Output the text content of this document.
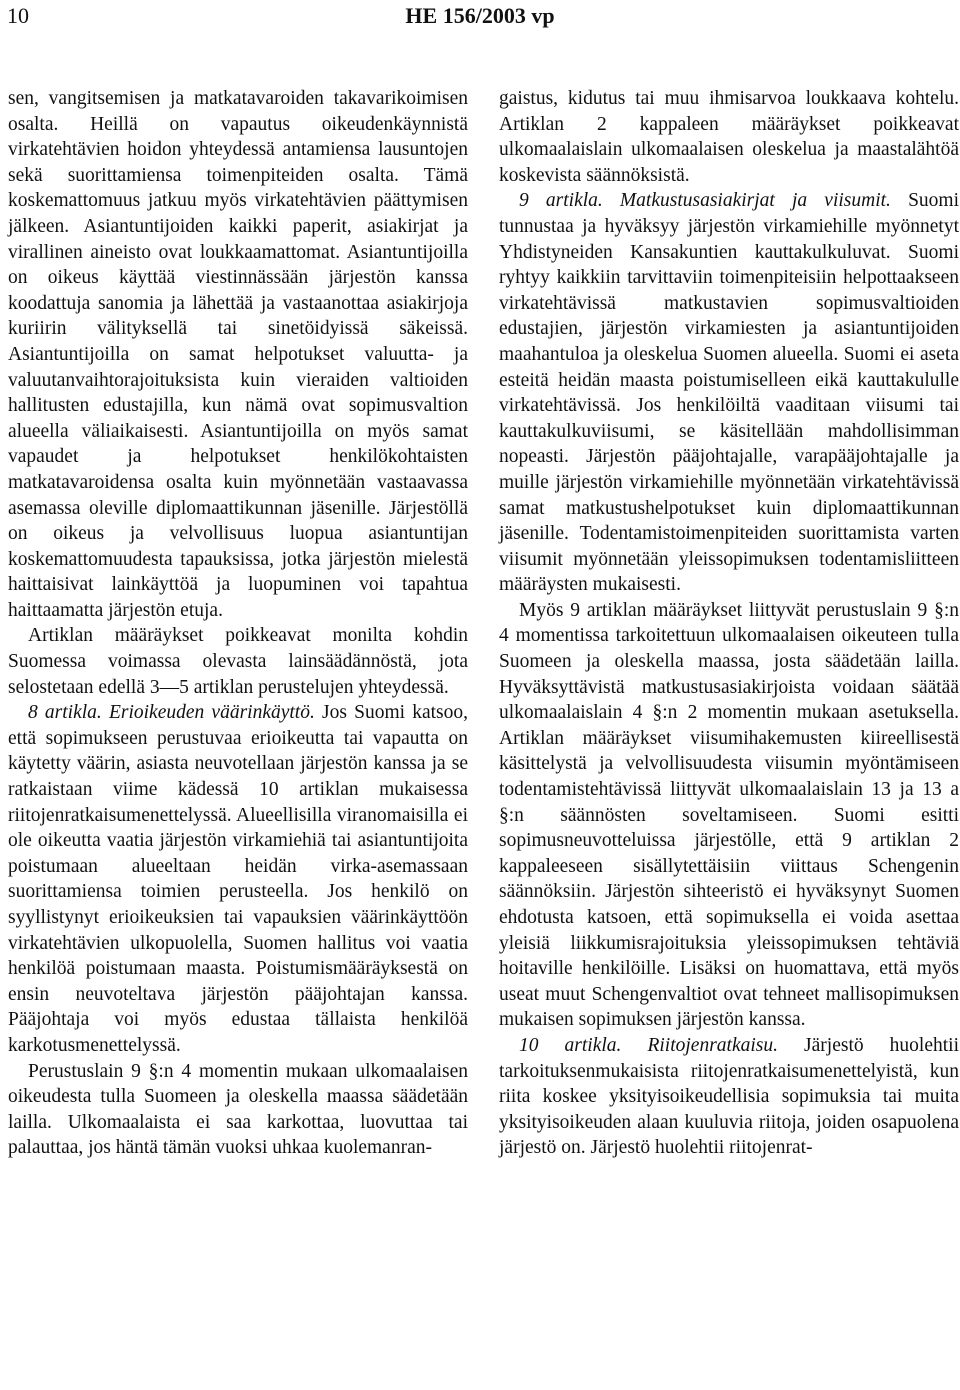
10	HE 156/2003 vp

sen, vangitsemisen ja matkatavaroiden takavarikoimisen osalta. Heillä on vapautus oikeudenkäynnistä virkatehtävien hoidon yhteydessä antamiensa lausuntojen sekä suorittamiensa toimenpiteiden osalta. Tämä koskemattomuus jatkuu myös virkatehtävien päättymisen jälkeen. Asiantuntijoiden kaikki paperit, asiakirjat ja virallinen aineisto ovat loukkaamattomat. Asiantuntijoilla on oikeus käyttää viestinnässään järjestön kanssa koodattuja sanomia ja lähettää ja vastaanottaa asiakirjoja kuriirin välityksellä tai sinetöidyissä säkeissä. Asiantuntijoilla on samat helpotukset valuutta- ja valuutanvaihtorajoituksista kuin vieraiden valtioiden hallitusten edustajilla, kun nämä ovat sopimusvaltion alueella väliaikaisesti. Asiantuntijoilla on myös samat vapaudet ja helpotukset henkilökohtaisten matkatavaroidensa osalta kuin myönnetään vastaavassa asemassa oleville diplomaattikunnan jäsenille. Järjestöllä on oikeus ja velvollisuus luopua asiantuntijan koskemattomuudesta tapauksissa, jotka järjestön mielestä haittaisivat lainkäyttöä ja luopuminen voi tapahtua haittaamatta järjestön etuja.

Artiklan määräykset poikkeavat monilta kohdin Suomessa voimassa olevasta lainsäädännöstä, jota selostetaan edellä 3—5 artiklan perustelujen yhteydessä.

8 artikla. Erioikeuden väärinkäyttö. Jos Suomi katsoo, että sopimukseen perustuvaa erioikeutta tai vapautta on käytetty väärin, asiasta neuvotellaan järjestön kanssa ja se ratkaistaan viime kädessä 10 artiklan mukaisessa riitojenratkaisumenettelyssä. Alueellisilla viranomaisilla ei ole oikeutta vaatia järjestön virkamiehiä tai asiantuntijoita poistumaan alueeltaan heidän virka-asemassaan suorittamiensa toimien perusteella. Jos henkilö on syyllistynyt erioikeuksien tai vapauksien väärinkäyttöön virkatehtävien ulkopuolella, Suomen hallitus voi vaatia henkilöä poistumaan maasta. Poistumismääräyksestä on ensin neuvoteltava järjestön pääjohtajan kanssa. Pääjohtaja voi myös edustaa tällaista henkilöä karkotusmenettelyssä.

Perustuslain 9 §:n 4 momentin mukaan ulkomaalaisen oikeudesta tulla Suomeen ja oleskella maassa säädetään lailla. Ulkomaalaista ei saa karkottaa, luovuttaa tai palauttaa, jos häntä tämän vuoksi uhkaa kuolemanran-

gaistus, kidutus tai muu ihmisarvoa loukkaava kohtelu. Artiklan 2 kappaleen määräykset poikkeavat ulkomaalaislain ulkomaalaisen oleskelua ja maastalähtöä koskevista säännöksistä.

9 artikla. Matkustusasiakirjat ja viisumit. Suomi tunnustaa ja hyväksyy järjestön virkamiehille myönnetyt Yhdistyneiden Kansakuntien kauttakulkuluvat. Suomi ryhtyy kaikkiin tarvittaviin toimenpiteisiin helpottaakseen virkatehtävissä matkustavien sopimusvaltioiden edustajien, järjestön virkamiesten ja asiantuntijoiden maahantuloa ja oleskelua Suomen alueella. Suomi ei aseta esteitä heidän maasta poistumiselleen eikä kauttakululle virkatehtävissä. Jos henkilöiltä vaaditaan viisumi tai kauttakulkuviisumi, se käsitellään mahdollisimman nopeasti. Järjestön pääjohtajalle, varapääjohtajalle ja muille järjestön virkamiehille myönnetään virkatehtävissä samat matkustushelpotukset kuin diplomaattikunnan jäsenille. Todentamistoimenpiteiden suorittamista varten viisumit myönnetään yleissopimuksen todentamisliitteen määräysten mukaisesti.

Myös 9 artiklan määräykset liittyvät perustuslain 9 §:n 4 momentissa tarkoitettuun ulkomaalaisen oikeuteen tulla Suomeen ja oleskella maassa, josta säädetään lailla. Hyväksyttävistä matkustusasiakirjoista voidaan säätää ulkomaalaislain 4 §:n 2 momentin mukaan asetuksella. Artiklan määräykset viisumihakemusten kiireellisestä käsittelystä ja velvollisuudesta viisumin myöntämiseen todentamistehtävissä liittyvät ulkomaalaislain 13 ja 13 a §:n säännösten soveltamiseen. Suomi esitti sopimusneuvotteluissa järjestölle, että 9 artiklan 2 kappaleeseen sisällytettäisiin viittaus Schengenin säännöksiin. Järjestön sihteeristö ei hyväksynyt Suomen ehdotusta katsoen, että sopimuksella ei voida asettaa yleisiä liikkumisrajoituksia yleissopimuksen tehtäviä hoitaville henkilöille. Lisäksi on huomattava, että myös useat muut Schengenvaltiot ovat tehneet mallisopimuksen mukaisen sopimuksen järjestön kanssa.

10 artikla. Riitojenratkaisu. Järjestö huolehtii tarkoituksenmukaisista riitojenratkaisumenettelyistä, kun riita koskee yksityisoikeudellisia sopimuksia tai muita yksityisoikeuden alaan kuuluvia riitoja, joiden osapuolena järjestö on. Järjestö huolehtii riitojenrat-
